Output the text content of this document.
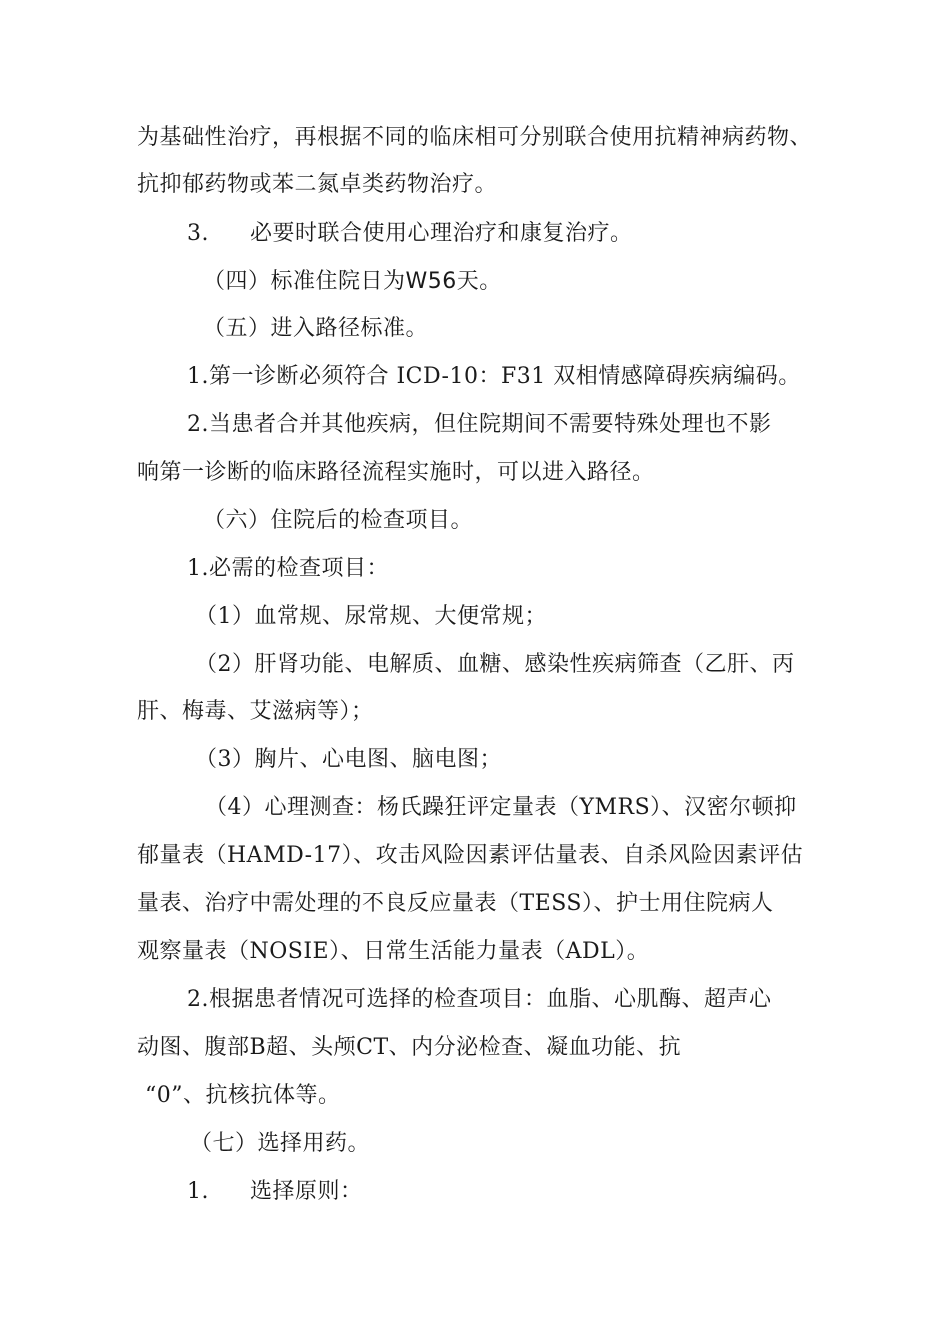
为基础性治疗，再根据不同的临床相可分别联合使用抗精神病药物、
抗抑郁药物或苯二氮卓类药物治疗。
3. 必要时联合使用心理治疗和康复治疗。
（四）标准住院日为W56天。
（五）进入路径标准。
1.第一诊断必须符合 ICD-10：F31 双相情感障碍疾病编码。
2.当患者合并其他疾病，但住院期间不需要特殊处理也不影
响第一诊断的临床路径流程实施时，可以进入路径。
（六）住院后的检查项目。
1.必需的检查项目：
（1）血常规、尿常规、大便常规；
（2）肝肾功能、电解质、血糖、感染性疾病筛查（乙肝、丙
肝、梅毒、艾滋病等）；
（3）胸片、心电图、脑电图；
（4）心理测查：杨氏躁狂评定量表（YMRS）、汉密尔顿抑
郁量表（HAMD-17）、攻击风险因素评估量表、自杀风险因素评估
量表、治疗中需处理的不良反应量表（TESS）、护士用住院病人
观察量表（NOSIE）、日常生活能力量表（ADL）。
2.根据患者情况可选择的检查项目：血脂、心肌酶、超声心
动图、腹部B超、头颅CT、内分泌检查、凝血功能、抗
“0”、抗核抗体等。
（七）选择用药。
1. 选择原则：
